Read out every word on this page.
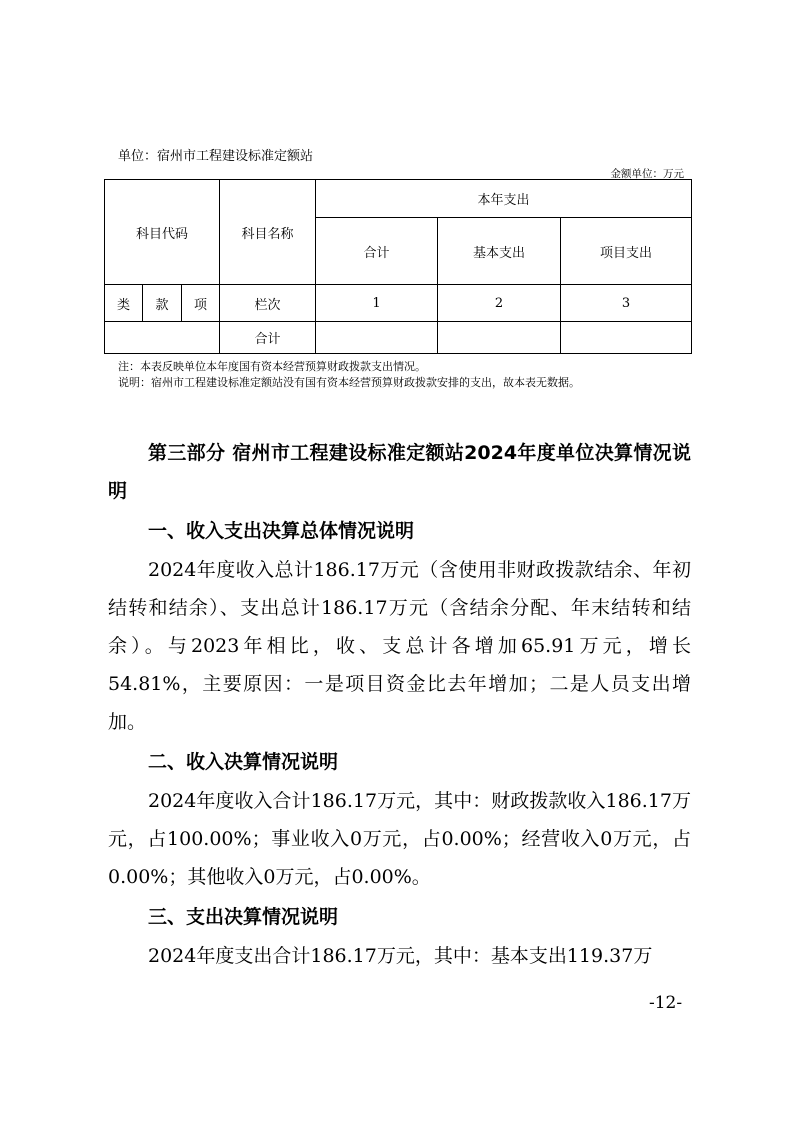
单位：宿州市工程建设标准定额站
金额单位：万元
科目代码			科目名称	本年支出		
				合计	基本支出	项目支出
类	款	项	栏次	1	2	3
			合计			
注：本表反映单位本年度国有资本经营预算财政拨款支出情况。
说明：宿州市工程建设标准定额站没有国有资本经营预算财政拨款安排的支出，故本表无数据。

第三部分 宿州市工程建设标准定额站2024年度单位决算情况说明

一、收入支出决算总体情况说明

2024年度收入总计186.17万元（含使用非财政拨款结余、年初结转和结余）、支出总计186.17万元（含结余分配、年末结转和结余）。与2023年相比，收、支总计各增加65.91万元，增长54.81%，主要原因：一是项目资金比去年增加；二是人员支出增加。

二、收入决算情况说明

2024年度收入合计186.17万元，其中：财政拨款收入186.17万元，占100.00%；事业收入0万元，占0.00%；经营收入0万元，占0.00%；其他收入0万元，占0.00%。

三、支出决算情况说明

2024年度支出合计186.17万元，其中：基本支出119.37万

-12-
